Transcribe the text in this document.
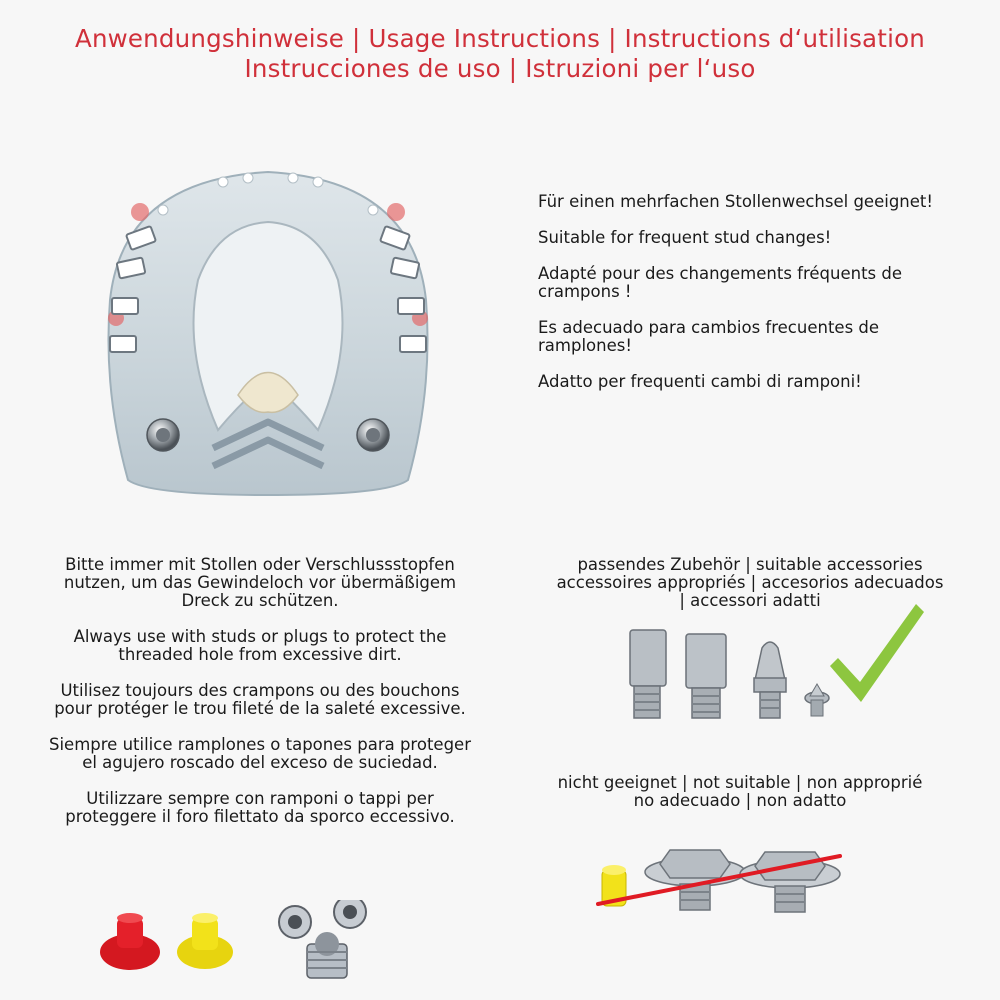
Anwendungshinweise | Usage Instructions | Instructions d‘utilisation
Instrucciones de uso | Istruzioni per l‘uso

Für einen mehrfachen Stollenwechsel geeignet!

Suitable for frequent stud changes!

Adapté pour des changements fréquents de crampons !

Es adecuado para cambios frecuentes de ramplones!

Adatto per frequenti cambi di ramponi!

Bitte immer mit Stollen oder Verschlussstopfen nutzen, um das Gewindeloch vor übermäßigem Dreck zu schützen.

Always use with studs or plugs to protect the threaded hole from excessive dirt.

Utilisez toujours des crampons ou des bouchons pour protéger le trou fileté de la saleté excessive.

Siempre utilice ramplones o tapones para proteger el agujero roscado del exceso de suciedad.

Utilizzare sempre con ramponi o tappi per proteggere il foro filettato da sporco eccessivo.

passendes Zubehör | suitable accessories
accessoires appropriés | accesorios adecuados
| accessori adatti
nicht geeignet | not suitable | non approprié
no adecuado | non adatto
